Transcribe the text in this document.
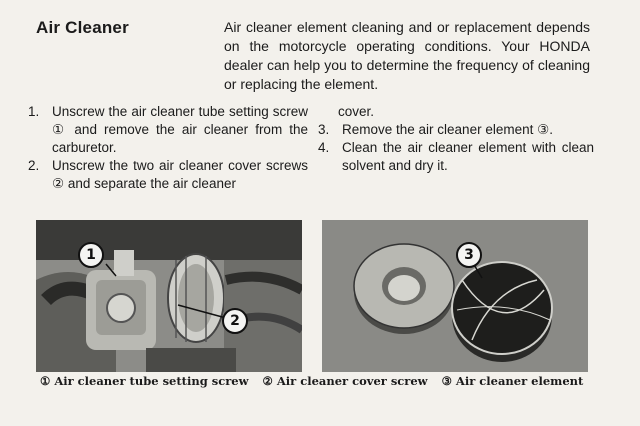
Air Cleaner	Air cleaner element cleaning and or replacement depends on the motorcycle operating conditions. Your HONDA dealer can help you to determine the frequency of cleaning or replacing the element.

1. Unscrew the air cleaner tube setting screw ① and remove the air cleaner from the carburetor.
2. Unscrew the two air cleaner cover screws ② and separate the air cleaner
cover.
3. Remove the air cleaner element ③.
4. Clean the air cleaner element with clean solvent and dry it.
1
2
3
① Air cleaner tube setting screw ② Air cleaner cover screw ③ Air cleaner element
